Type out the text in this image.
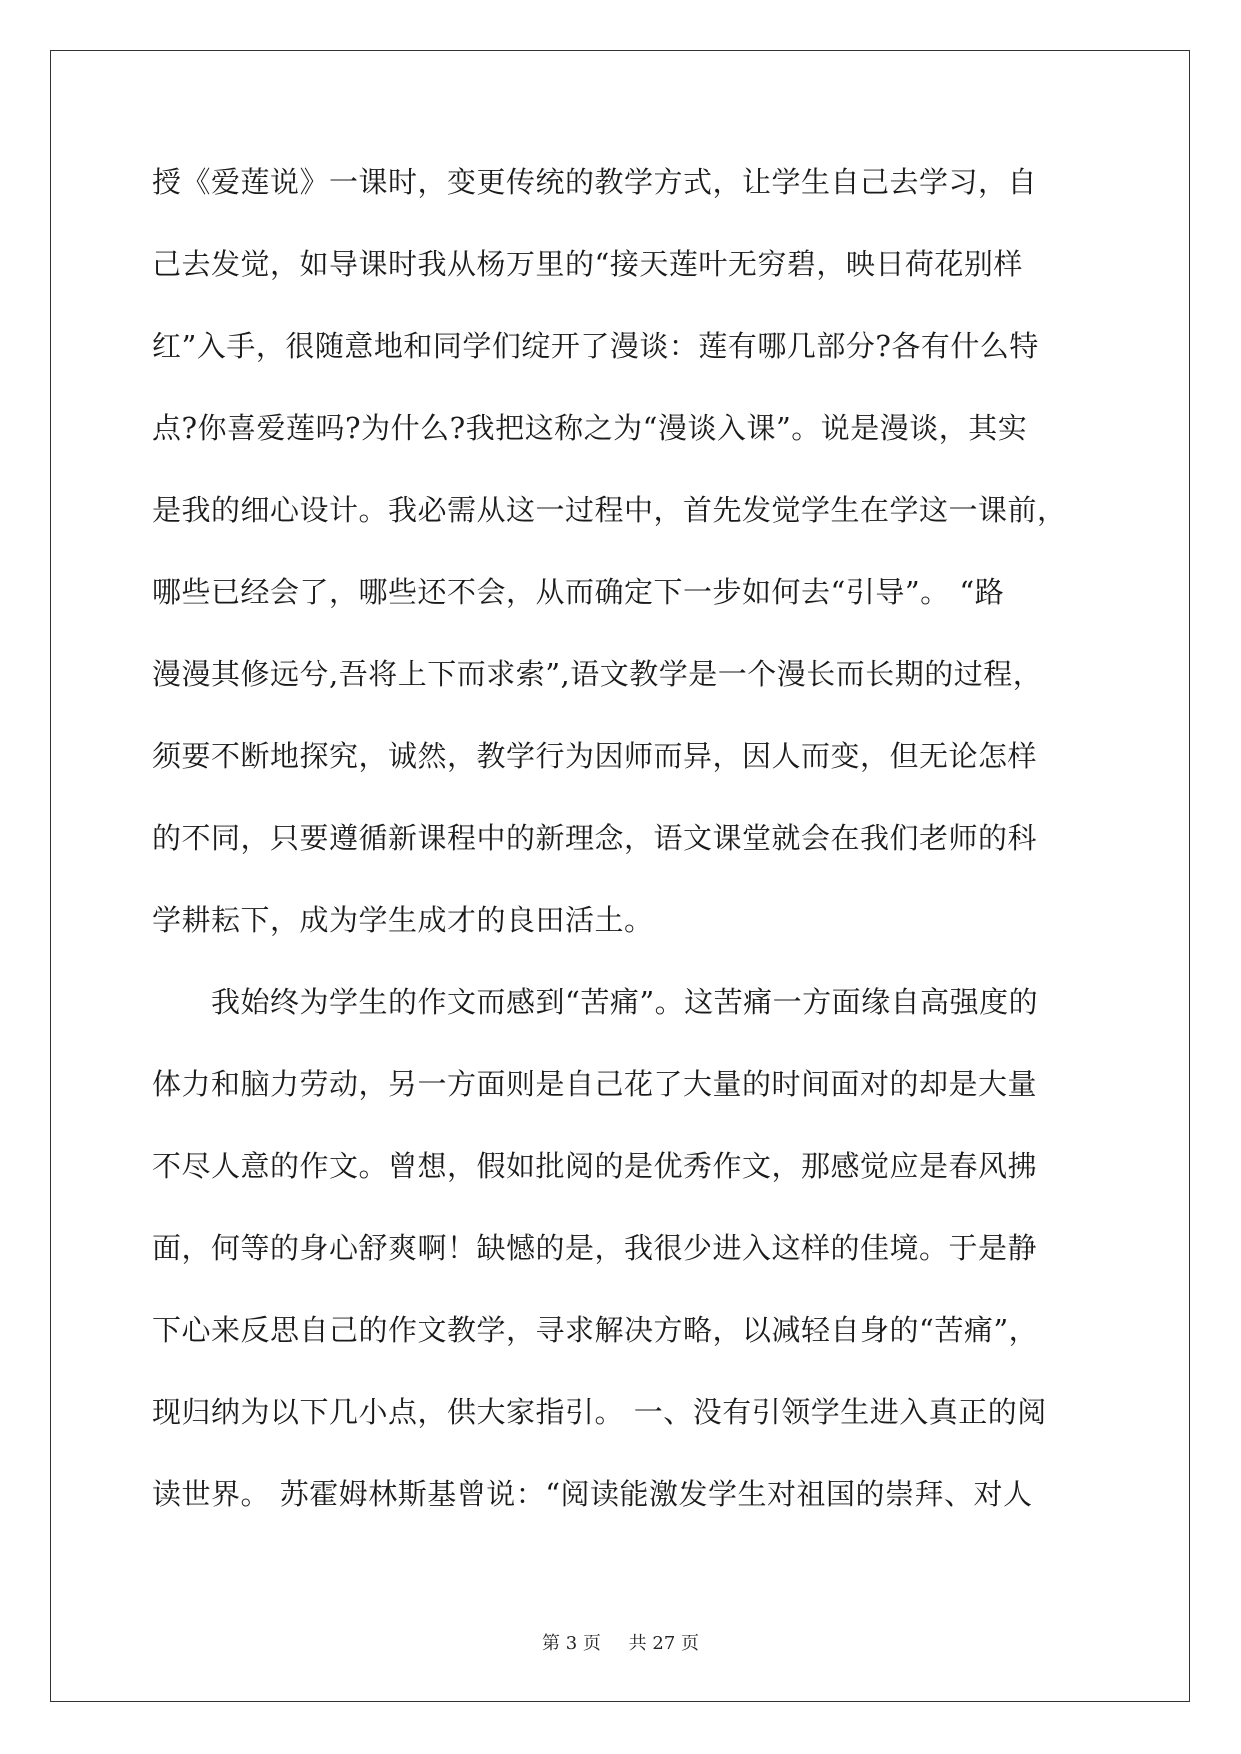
授《爱莲说》一课时，变更传统的教学方式，让学生自己去学习，自
己去发觉，如导课时我从杨万里的“接天莲叶无穷碧，映日荷花别样
红”入手，很随意地和同学们绽开了漫谈：莲有哪几部分?各有什么特
点?你喜爱莲吗?为什么?我把这称之为“漫谈入课”。说是漫谈，其实
是我的细心设计。我必需从这一过程中，首先发觉学生在学这一课前，
哪些已经会了，哪些还不会，从而确定下一步如何去“引导”。 “路
漫漫其修远兮,吾将上下而求索”,语文教学是一个漫长而长期的过程，
须要不断地探究，诚然，教学行为因师而异，因人而变，但无论怎样
的不同，只要遵循新课程中的新理念，语文课堂就会在我们老师的科
学耕耘下，成为学生成才的良田活土。
　　我始终为学生的作文而感到“苦痛”。这苦痛一方面缘自高强度的
体力和脑力劳动，另一方面则是自己花了大量的时间面对的却是大量
不尽人意的作文。曾想，假如批阅的是优秀作文，那感觉应是春风拂
面，何等的身心舒爽啊！缺憾的是，我很少进入这样的佳境。于是静
下心来反思自己的作文教学，寻求解决方略，以减轻自身的“苦痛”，
现归纳为以下几小点，供大家指引。 一、没有引领学生进入真正的阅
读世界。 苏霍姆林斯基曾说：“阅读能激发学生对祖国的崇拜、对人
第 3 页 共 27 页
